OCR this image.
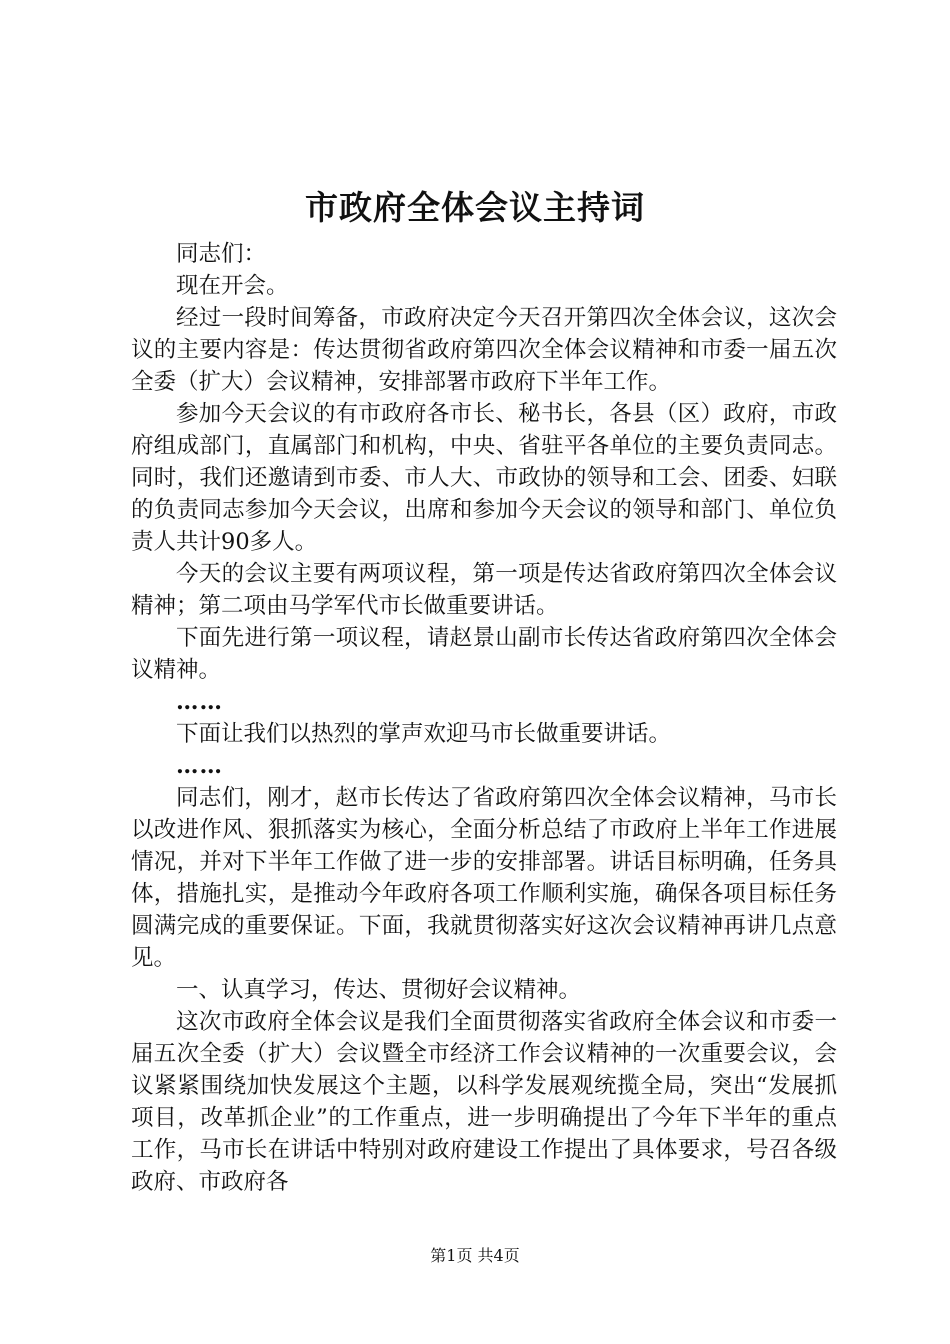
市政府全体会议主持词

同志们：

现在开会。

经过一段时间筹备，市政府决定今天召开第四次全体会议，这次会议的主要内容是：传达贯彻省政府第四次全体会议精神和市委一届五次全委（扩大）会议精神，安排部署市政府下半年工作。

参加今天会议的有市政府各市长、秘书长，各县（区）政府，市政府组成部门，直属部门和机构，中央、省驻平各单位的主要负责同志。同时，我们还邀请到市委、市人大、市政协的领导和工会、团委、妇联的负责同志参加今天会议，出席和参加今天会议的领导和部门、单位负责人共计90多人。

今天的会议主要有两项议程，第一项是传达省政府第四次全体会议精神；第二项由马学军代市长做重要讲话。

下面先进行第一项议程，请赵景山副市长传达省政府第四次全体会议精神。

……

下面让我们以热烈的掌声欢迎马市长做重要讲话。

……

同志们，刚才，赵市长传达了省政府第四次全体会议精神，马市长以改进作风、狠抓落实为核心，全面分析总结了市政府上半年工作进展情况，并对下半年工作做了进一步的安排部署。讲话目标明确，任务具体，措施扎实，是推动今年政府各项工作顺利实施，确保各项目标任务圆满完成的重要保证。下面，我就贯彻落实好这次会议精神再讲几点意见。

一、认真学习，传达、贯彻好会议精神。

这次市政府全体会议是我们全面贯彻落实省政府全体会议和市委一届五次全委（扩大）会议暨全市经济工作会议精神的一次重要会议，会议紧紧围绕加快发展这个主题，以科学发展观统揽全局，突出“发展抓项目，改革抓企业”的工作重点，进一步明确提出了今年下半年的重点工作，马市长在讲话中特别对政府建设工作提出了具体要求，号召各级政府、市政府各

第1页 共4页
